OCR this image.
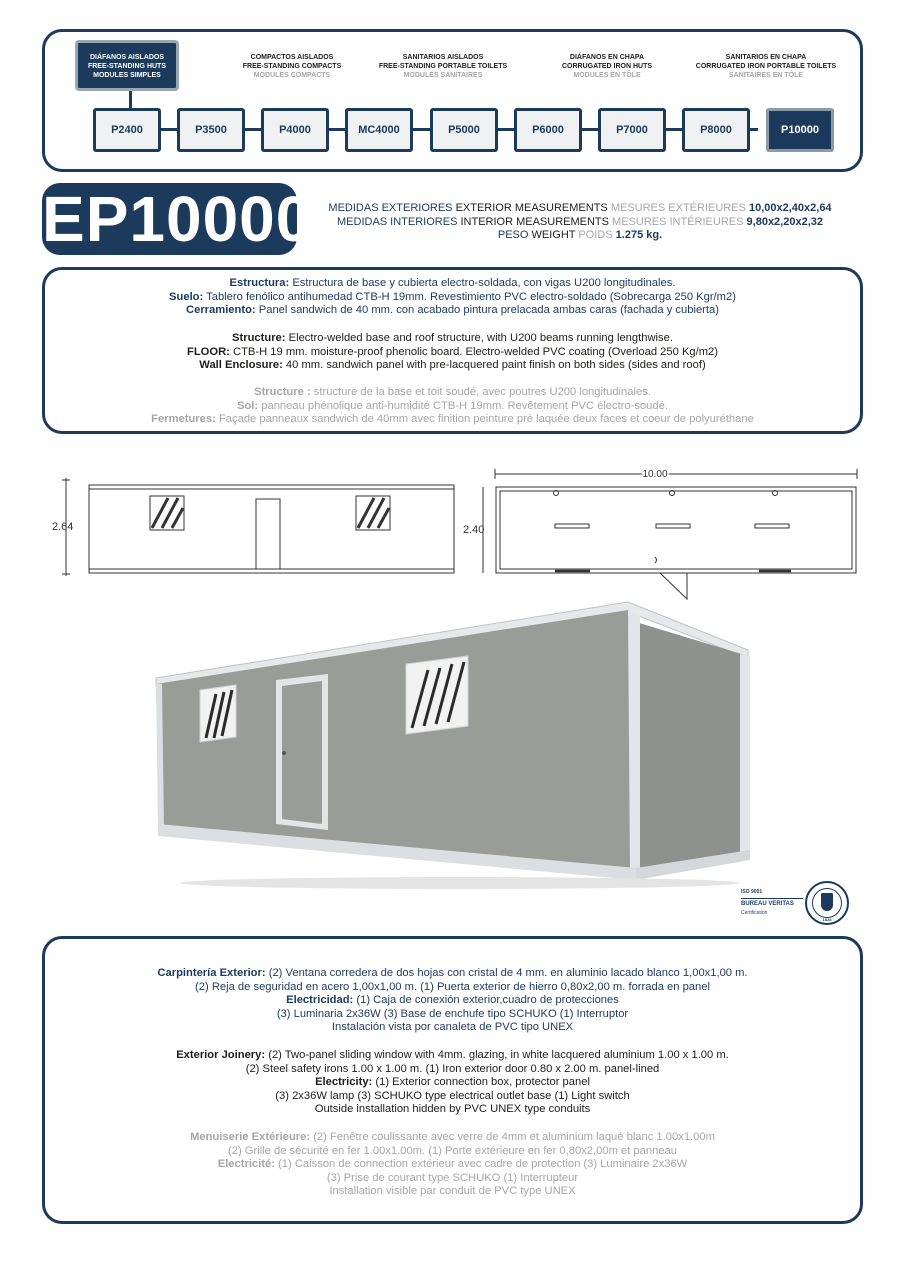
DIÁFANOS AISLADOS
FREE-STANDING HUTS
MODULES SIMPLES
COMPACTOS AISLADOS
FREE-STANDING COMPACTS
MODULES COMPACTS
SANITARIOS AISLADOS
FREE-STANDING PORTABLE TOILETS
MODULES SANITAIRES
DIÁFANOS EN CHAPA
CORRUGATED IRON HUTS
MODULES EN TÔLE
SANITARIOS EN CHAPA
CORRUGATED IRON PORTABLE TOILETS
SANITAIRES EN TÔLE
P2400	P3500	P4000	MC4000	P5000	P6000	P7000	P8000	P10000
EP10000	MEDIDAS EXTERIORES EXTERIOR MEASUREMENTS MESURES EXTÉRIEURES 10,00x2,40x2,64
MEDIDAS INTERIORES INTERIOR MEASUREMENTS MESURES INTÉRIEURES 9,80x2,20x2,32
PESO WEIGHT POIDS 1.275 kg.
Estructura: Estructura de base y cubierta electro-soldada, con vigas U200 longitudinales.
Suelo: Tablero fenólico antihumedad CTB-H 19mm. Revestimiento PVC electro-soldado (Sobrecarga 250 Kgr/m2)
Cerramiento: Panel sandwich de 40 mm. con acabado pintura prelacada ambas caras (fachada y cubierta)
Structure: Electro-welded base and roof structure, with U200 beams running lengthwise.
FLOOR: CTB-H 19 mm. moisture-proof phenolic board. Electro-welded PVC coating (Overload 250 Kg/m2)
Wall Enclosure: 40 mm. sandwich panel with pre-lacquered paint finish on both sides (sides and roof)
Structure : structure de la base et toit soudé, avec poutres U200 longitudinales.
Sol: panneau phénolique anti-humidité CTB-H 19mm. Revêtement PVC électro-soudé.
Fermetures: Façade panneaux sandwich de 40mm avec finition peinture pré laquée deux faces et coeur de polyuréthane
2.64
10.00
2.40
ISO 9001
BUREAU VERITAS
Certification
1828
Carpintería Exterior: (2) Ventana corredera de dos hojas con cristal de 4 mm. en aluminio lacado blanco 1,00x1,00 m.
(2) Reja de seguridad en acero 1,00x1,00 m. (1) Puerta exterior de hierro 0,80x2,00 m. forrada en panel
Electricidad: (1) Caja de conexión exterior,cuadro de protecciones
(3) Luminaria 2x36W (3) Base de enchufe tipo SCHUKO (1) Interruptor
Instalación vista por canaleta de PVC tipo UNEX
Exterior Joinery: (2) Two-panel sliding window with 4mm. glazing, in white lacquered aluminium 1.00 x 1.00 m.
(2) Steel safety irons 1.00 x 1.00 m. (1) Iron exterior door 0.80 x 2.00 m. panel-lined
Electricity: (1) Exterior connection box, protector panel
(3) 2x36W lamp (3) SCHUKO type electrical outlet base (1) Light switch
Outside installation hidden by PVC UNEX type conduits
Menuiserie Extérieure: (2) Fenêtre coulissante avec verre de 4mm et aluminium laqué blanc 1.00x1.00m
(2) Grille de sécurité en fer 1.00x1.00m. (1) Porte extérieure en fer 0,80x2,00m et panneau
Electricité: (1) Caisson de connection extérieur avec cadre de protection (3) Luminaire 2x36W
(3) Prise de courant type SCHUKO (1) Interrupteur
Installation visible par conduit de PVC type UNEX
